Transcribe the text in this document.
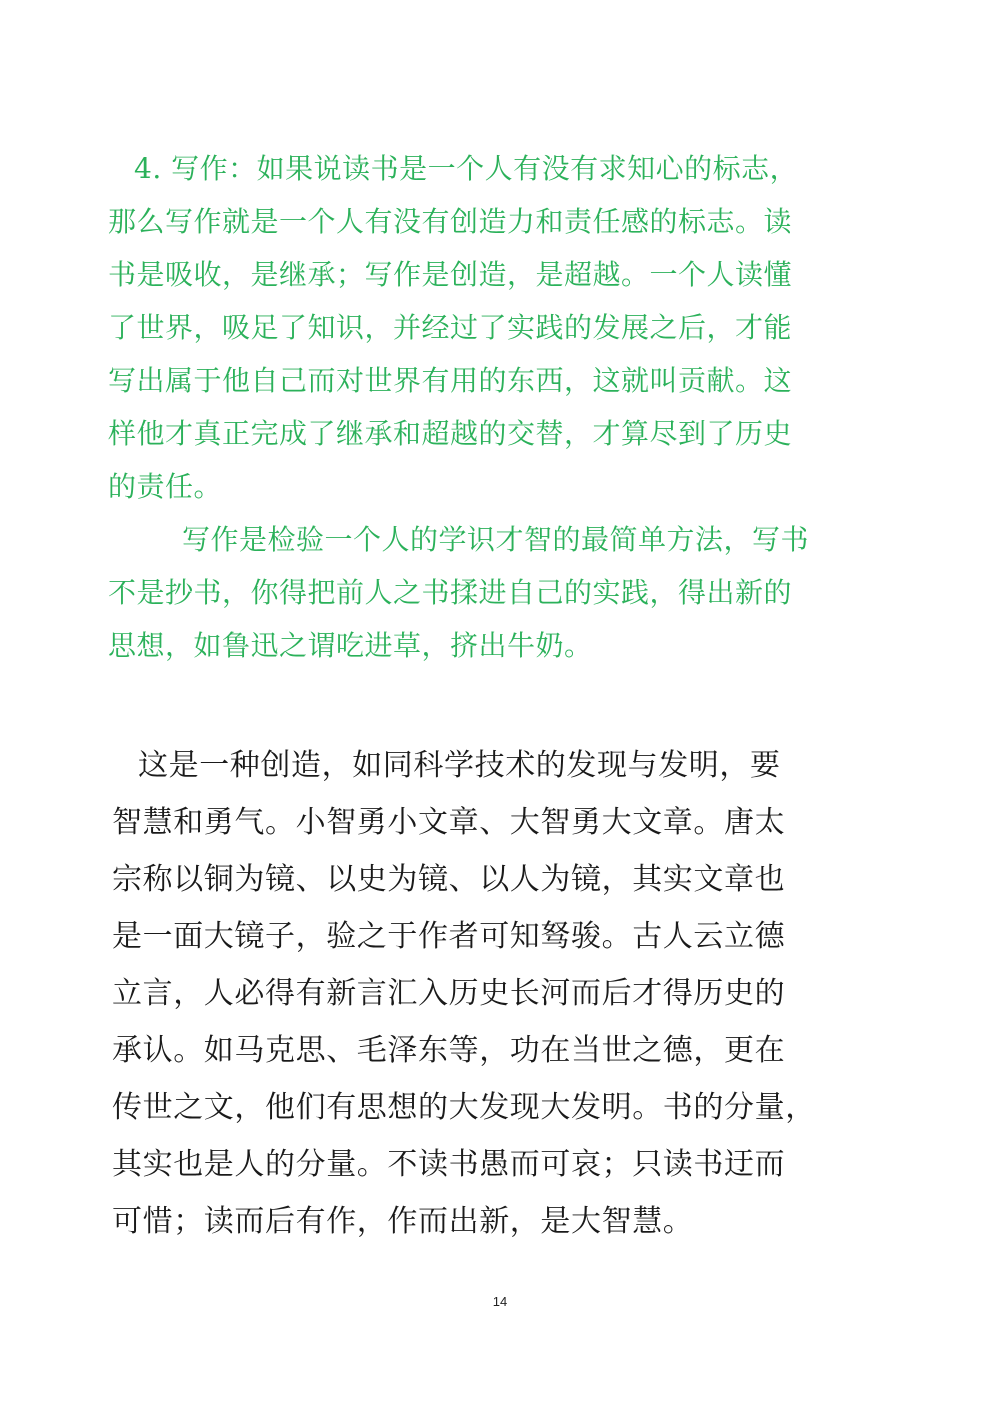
4. 写作：如果说读书是一个人有没有求知心的标志，
那么写作就是一个人有没有创造力和责任感的标志。读
书是吸收，是继承；写作是创造，是超越。一个人读懂
了世界，吸足了知识，并经过了实践的发展之后，才能
写出属于他自己而对世界有用的东西，这就叫贡献。这
样他才真正完成了继承和超越的交替，才算尽到了历史
的责任。
写作是检验一个人的学识才智的最简单方法，写书
不是抄书，你得把前人之书揉进自己的实践，得出新的
思想，如鲁迅之谓吃进草，挤出牛奶。
这是一种创造，如同科学技术的发现与发明，要
智慧和勇气。小智勇小文章、大智勇大文章。唐太
宗称以铜为镜、以史为镜、以人为镜，其实文章也
是一面大镜子，验之于作者可知驽骏。古人云立德
立言，人必得有新言汇入历史长河而后才得历史的
承认。如马克思、毛泽东等，功在当世之德，更在
传世之文，他们有思想的大发现大发明。书的分量，
其实也是人的分量。不读书愚而可哀；只读书迂而
可惜；读而后有作，作而出新，是大智慧。
14
